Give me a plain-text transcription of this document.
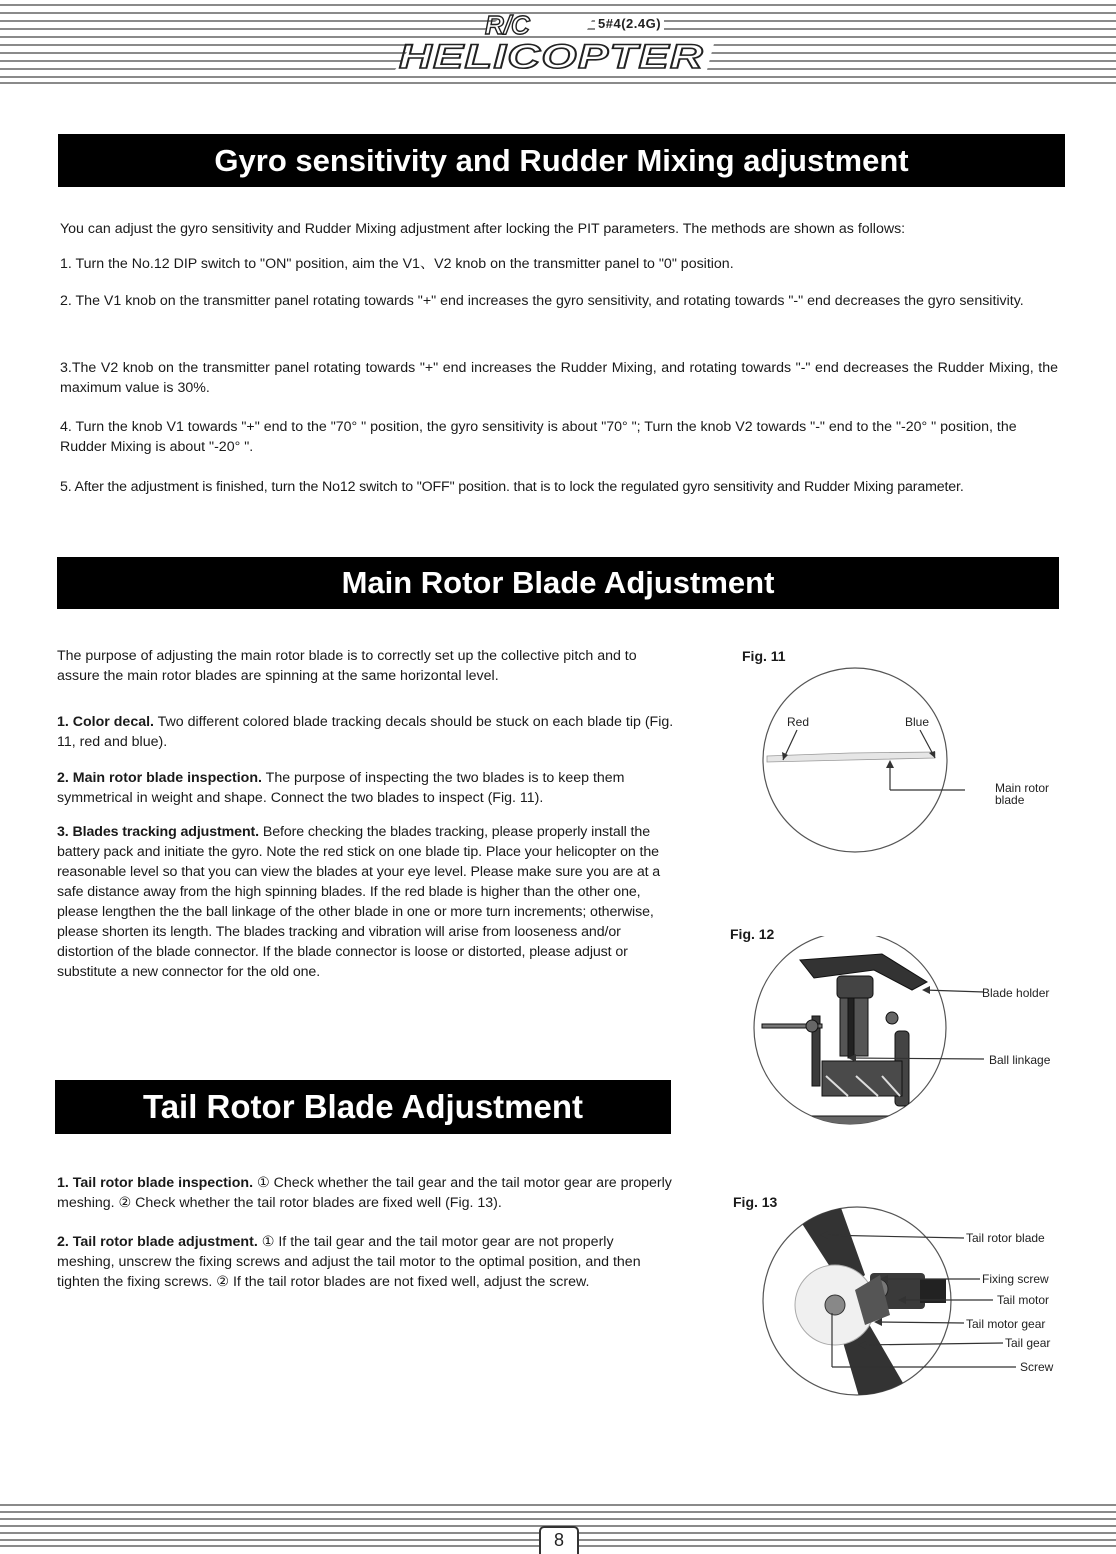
R/C
HELICOPTER
5#4(2.4G)
Gyro sensitivity and Rudder Mixing adjustment
You can adjust the gyro sensitivity and Rudder Mixing adjustment after locking the PIT parameters. The methods are shown as follows:
1. Turn the No.12 DIP switch to "ON" position, aim the V1、V2 knob on the transmitter panel to "0" position.
2. The V1 knob on the transmitter panel rotating towards "+" end increases the gyro sensitivity, and rotating towards "-" end decreases the gyro sensitivity.
3.The V2 knob on the transmitter panel rotating towards "+" end increases the Rudder Mixing, and rotating towards "-" end decreases the Rudder Mixing, the maximum value is 30%.
4. Turn the knob V1 towards "+" end to the "70° " position, the gyro sensitivity is about "70° "; Turn the knob V2 towards "-" end to the "-20° " position, the Rudder Mixing is about "-20° ".
5. After the adjustment is finished, turn the No12 switch to "OFF" position. that is to lock the regulated gyro sensitivity and Rudder Mixing parameter.
Main Rotor Blade Adjustment
The purpose of adjusting the main rotor blade is to correctly set up the collective pitch and to assure the main rotor blades are spinning at the same horizontal level.
1. Color decal. Two different colored blade tracking decals should be stuck on each blade tip (Fig. 11, red and blue).
2. Main rotor blade inspection. The purpose of inspecting the two blades is to keep them symmetrical in weight and shape. Connect the two blades to inspect (Fig. 11).
3. Blades tracking adjustment. Before checking the blades tracking, please properly install the battery pack and initiate the gyro. Note the red stick on one blade tip. Place your helicopter on the reasonable level so that you can view the blades at your eye level. Please make sure you are at a safe distance away from the high spinning blades. If the red blade is higher than the other one, please lengthen the the ball linkage of the other blade in one or more turn increments; otherwise, please shorten its length. The blades tracking and vibration will arise from looseness and/or distortion of the blade connector. If the blade connector is loose or distorted, please adjust or substitute a new connector for the old one.
Tail Rotor Blade Adjustment
1. Tail rotor blade inspection. ① Check whether the tail gear and the tail motor gear are properly meshing. ② Check whether the tail rotor blades are fixed well (Fig. 13).
2. Tail rotor blade adjustment. ① If the tail gear and the tail motor gear are not properly meshing, unscrew the fixing screws and adjust the tail motor to the optimal position, and then tighten the fixing screws. ② If the tail rotor blades are not fixed well, adjust the screw.
Fig. 11
Red	Blue
Main rotor blade
Fig. 12
Blade holder
Ball linkage
Fig. 13
Tail rotor blade
Fixing screw
Tail motor
Tail motor gear
Tail gear
Screw
8
